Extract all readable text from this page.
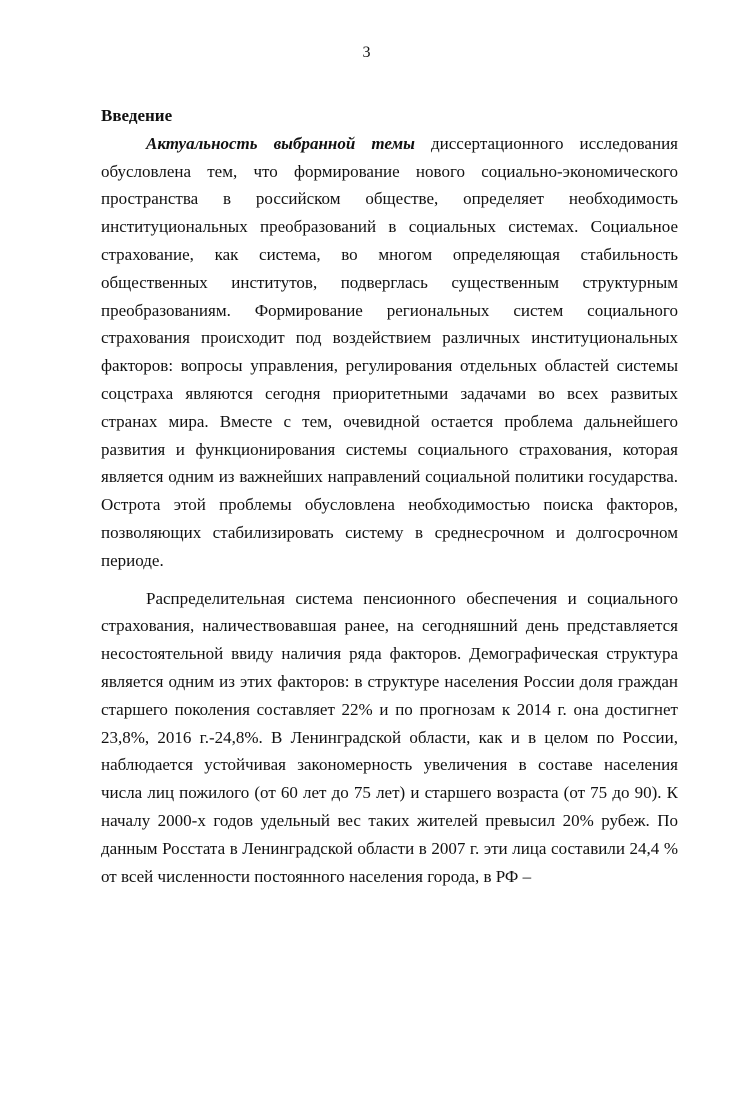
3

Введение

Актуальность выбранной темы диссертационного исследования обусловлена тем, что формирование нового социально-экономического пространства в российском обществе, определяет необходимость институциональных преобразований в социальных системах. Социальное страхование, как система, во многом определяющая стабильность общественных институтов, подверглась существенным структурным преобразованиям. Формирование региональных систем социального страхования происходит под воздействием различных институциональных факторов: вопросы управления, регулирования отдельных областей системы соцстраха являются сегодня приоритетными задачами во всех развитых странах мира. Вместе с тем, очевидной остается проблема дальнейшего развития и функционирования системы социального страхования, которая является одним из важнейших направлений социальной политики государства. Острота этой проблемы обусловлена необходимостью поиска факторов, позволяющих стабилизировать систему в среднесрочном и долгосрочном периоде.

Распределительная система пенсионного обеспечения и социального страхования, наличествовавшая ранее, на сегодняшний день представляется несостоятельной ввиду наличия ряда факторов. Демографическая структура является одним из этих факторов: в структуре населения России доля граждан старшего поколения составляет 22% и по прогнозам к 2014 г. она достигнет 23,8%, 2016 г.-24,8%. В Ленинградской области, как и в целом по России, наблюдается устойчивая закономерность увеличения в составе населения числа лиц пожилого (от 60 лет до 75 лет) и старшего возраста (от 75 до 90). К началу 2000-х годов удельный вес таких жителей превысил 20% рубеж. По данным Росстата в Ленинградской области в 2007 г. эти лица составили 24,4 % от всей численности постоянного населения города, в РФ –
